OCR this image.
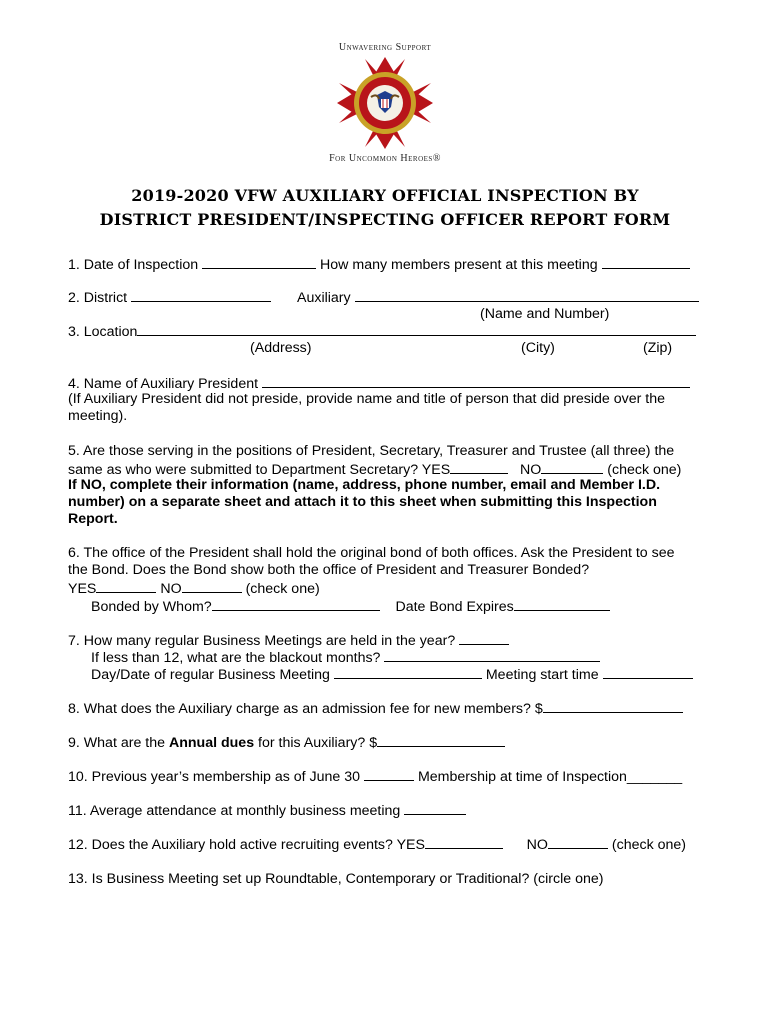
Unwavering Support
For Uncommon Heroes®
2019-2020 VFW AUXILIARY OFFICIAL INSPECTION BY
DISTRICT PRESIDENT/INSPECTING OFFICER REPORT FORM
1. Date of Inspection	How many members present at this meeting
2. District	Auxiliary
(Name and Number)
3. Location
(Address)	(City)	(Zip)
4. Name of Auxiliary President
(If Auxiliary President did not preside, provide name and title of person that did preside over the
meeting).
5. Are those serving in the positions of President, Secretary, Treasurer and Trustee (all three) the
same as who were submitted to Department Secretary? YES	NO	(check one)
If NO, complete their information (name, address, phone number, email and Member I.D.
number) on a separate sheet and attach it to this sheet when submitting this Inspection
Report.
6. The office of the President shall hold the original bond of both offices. Ask the President to see
the Bond. Does the Bond show both the office of President and Treasurer Bonded?
YES	NO	(check one)
Bonded by Whom?	Date Bond Expires
7. How many regular Business Meetings are held in the year?
If less than 12, what are the blackout months?
Day/Date of regular Business Meeting	Meeting start time
8. What does the Auxiliary charge as an admission fee for new members? $
9. What are the Annual dues for this Auxiliary? $
10. Previous year’s membership as of June 30	Membership at time of Inspection_______
11. Average attendance at monthly business meeting
12. Does the Auxiliary hold active recruiting events? YES	NO	(check one)
13. Is Business Meeting set up Roundtable, Contemporary or Traditional? (circle one)
